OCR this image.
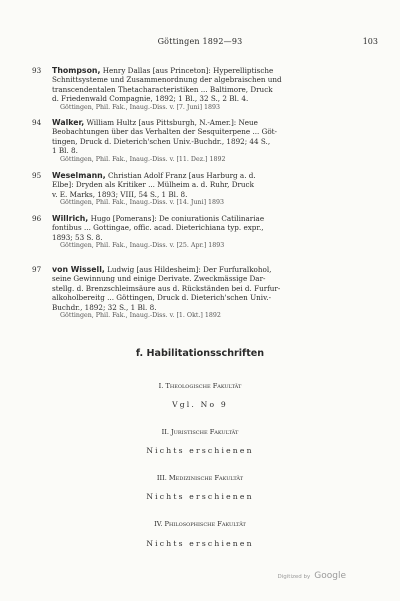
Göttingen 1892—93	103
93 Thompson, Henry Dallas [aus Princeton]: Hyperelliptische
Schnittsysteme und Zusammenordnung der algebraischen und
transcendentalen Thetacharacteristiken ... Baltimore, Druck
d. Friedenwald Compagnie, 1892; 1 Bl., 32 S., 2 Bl. 4.
Göttingen, Phil. Fak., Inaug.-Diss. v. [7. Juni] 1893
94 Walker, William Hultz [aus Pittsburgh, N.-Amer.]: Neue
Beobachtungen über das Verhalten der Sesquiterpene ... Göt-
tingen, Druck d. Dieterich'schen Univ.-Buchdr., 1892; 44 S.,
1 Bl. 8.
Göttingen, Phil. Fak., Inaug.-Diss. v. [11. Dez.] 1892
95 Weselmann, Christian Adolf Franz [aus Harburg a. d.
Elbe]: Dryden als Kritiker ... Mülheim a. d. Ruhr, Druck
v. E. Marks, 1893; VIII, 54 S., 1 Bl. 8.
Göttingen, Phil. Fak., Inaug.-Diss. v. [14. Juni] 1893
96 Willrich, Hugo [Pomerans]: De coniurationis Catilinariae
fontibus ... Gottingae, offic. acad. Dieterichiana typ. expr.,
1893; 53 S. 8.
Göttingen, Phil. Fak., Inaug.-Diss. v. [25. Apr.] 1893
97 von Wissell, Ludwig [aus Hildesheim]: Der Furfuralkohol,
seine Gewinnung und einige Derivate. Zweckmässige Dar-
stellg. d. Brenzschleimsäure aus d. Rückständen bei d. Furfur-
alkoholbereitg ... Göttingen, Druck d. Dieterich'schen Univ.-
Buchdr., 1892; 32 S., 1 Bl. 8.
Göttingen, Phil. Fak., Inaug.-Diss. v. [1. Okt.] 1892
f. Habilitationsschriften
I. Theologische Fakultät
Vgl. No 9
II. Juristische Fakultät
Nichts erschienen
III. Medizinische Fakultät
Nichts erschienen
IV. Philosophische Fakultät
Nichts erschienen
Digitized by Google
